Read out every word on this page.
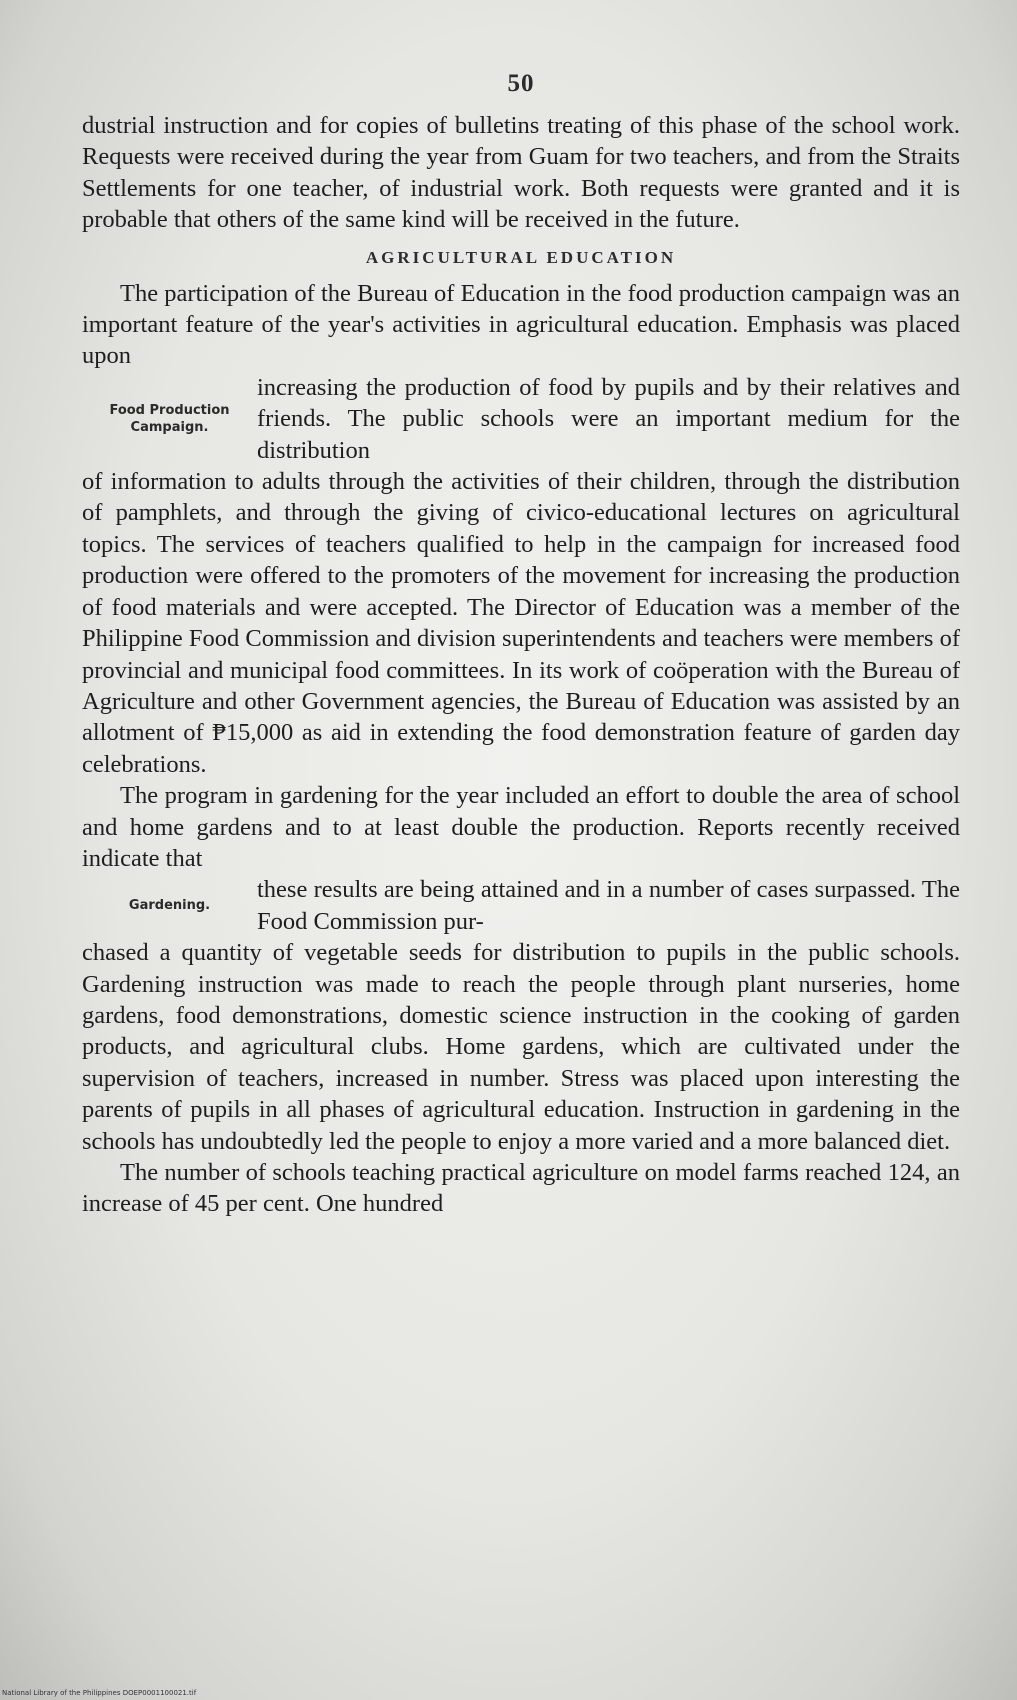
50

dustrial instruction and for copies of bulletins treating of this phase of the school work. Requests were received during the year from Guam for two teachers, and from the Straits Settlements for one teacher, of industrial work. Both requests were granted and it is probable that others of the same kind will be received in the future.

AGRICULTURAL EDUCATION

The participation of the Bureau of Education in the food production campaign was an important feature of the year's activities in agricultural education. Emphasis was placed upon

Food Production Campaign.
increasing the production of food by pupils and by their relatives and friends. The public schools were an important medium for the distribution

of information to adults through the activities of their children, through the distribution of pamphlets, and through the giving of civico-educational lectures on agricultural topics. The services of teachers qualified to help in the campaign for increased food production were offered to the promoters of the movement for increasing the production of food materials and were accepted. The Director of Education was a member of the Philippine Food Commission and division superintendents and teachers were members of provincial and municipal food committees. In its work of coöperation with the Bureau of Agriculture and other Government agencies, the Bureau of Education was assisted by an allotment of ₱15,000 as aid in extending the food demonstration feature of garden day celebrations.

The program in gardening for the year included an effort to double the area of school and home gardens and to at least double the production. Reports recently received indicate that

Gardening.
these results are being attained and in a number of cases surpassed. The Food Commission pur-

chased a quantity of vegetable seeds for distribution to pupils in the public schools. Gardening instruction was made to reach the people through plant nurseries, home gardens, food demonstrations, domestic science instruction in the cooking of garden products, and agricultural clubs. Home gardens, which are cultivated under the supervision of teachers, increased in number. Stress was placed upon interesting the parents of pupils in all phases of agricultural education. Instruction in gardening in the schools has undoubtedly led the people to enjoy a more varied and a more balanced diet.

The number of schools teaching practical agriculture on model farms reached 124, an increase of 45 per cent. One hundred

National Library of the Philippines DOEP0001100021.tif
